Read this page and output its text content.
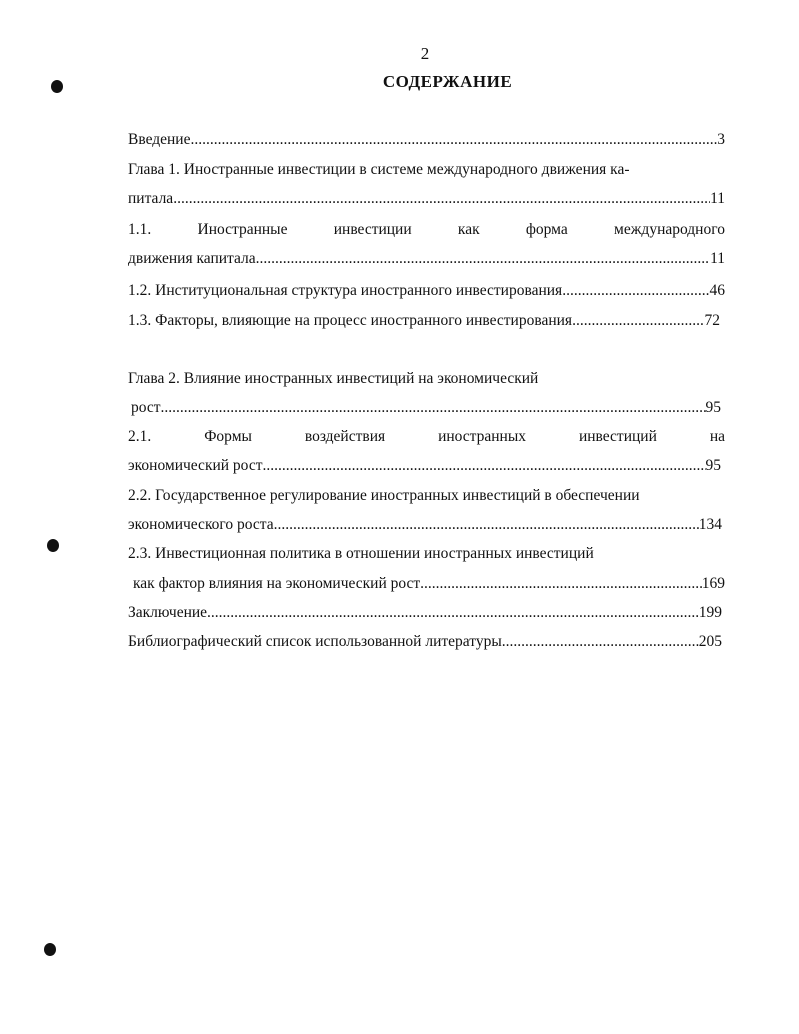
2
СОДЕРЖАНИЕ
Введение .....	3
Глава 1. Иностранные инвестиции в системе международного движения ка-
питала .....	11
1.1.	Иностранные	инвестиции	как	форма	международного
движения капитала .....	11
1.2. Институциональная структура иностранного инвестирования .....	46
1.3. Факторы, влияющие на процесс иностранного инвестирования .....	72
Глава 2. Влияние иностранных инвестиций на экономический
рост .....	95
2.1.	Формы	воздействия	иностранных	инвестиций	на
экономический рост .....	95
2.2. Государственное регулирование иностранных инвестиций в обеспечении
экономического роста .....	134
2.3. Инвестиционная политика в отношении иностранных инвестиций
как фактор влияния на экономический рост .....	169
Заключение .....	199
Библиографический список использованной литературы .....	205
